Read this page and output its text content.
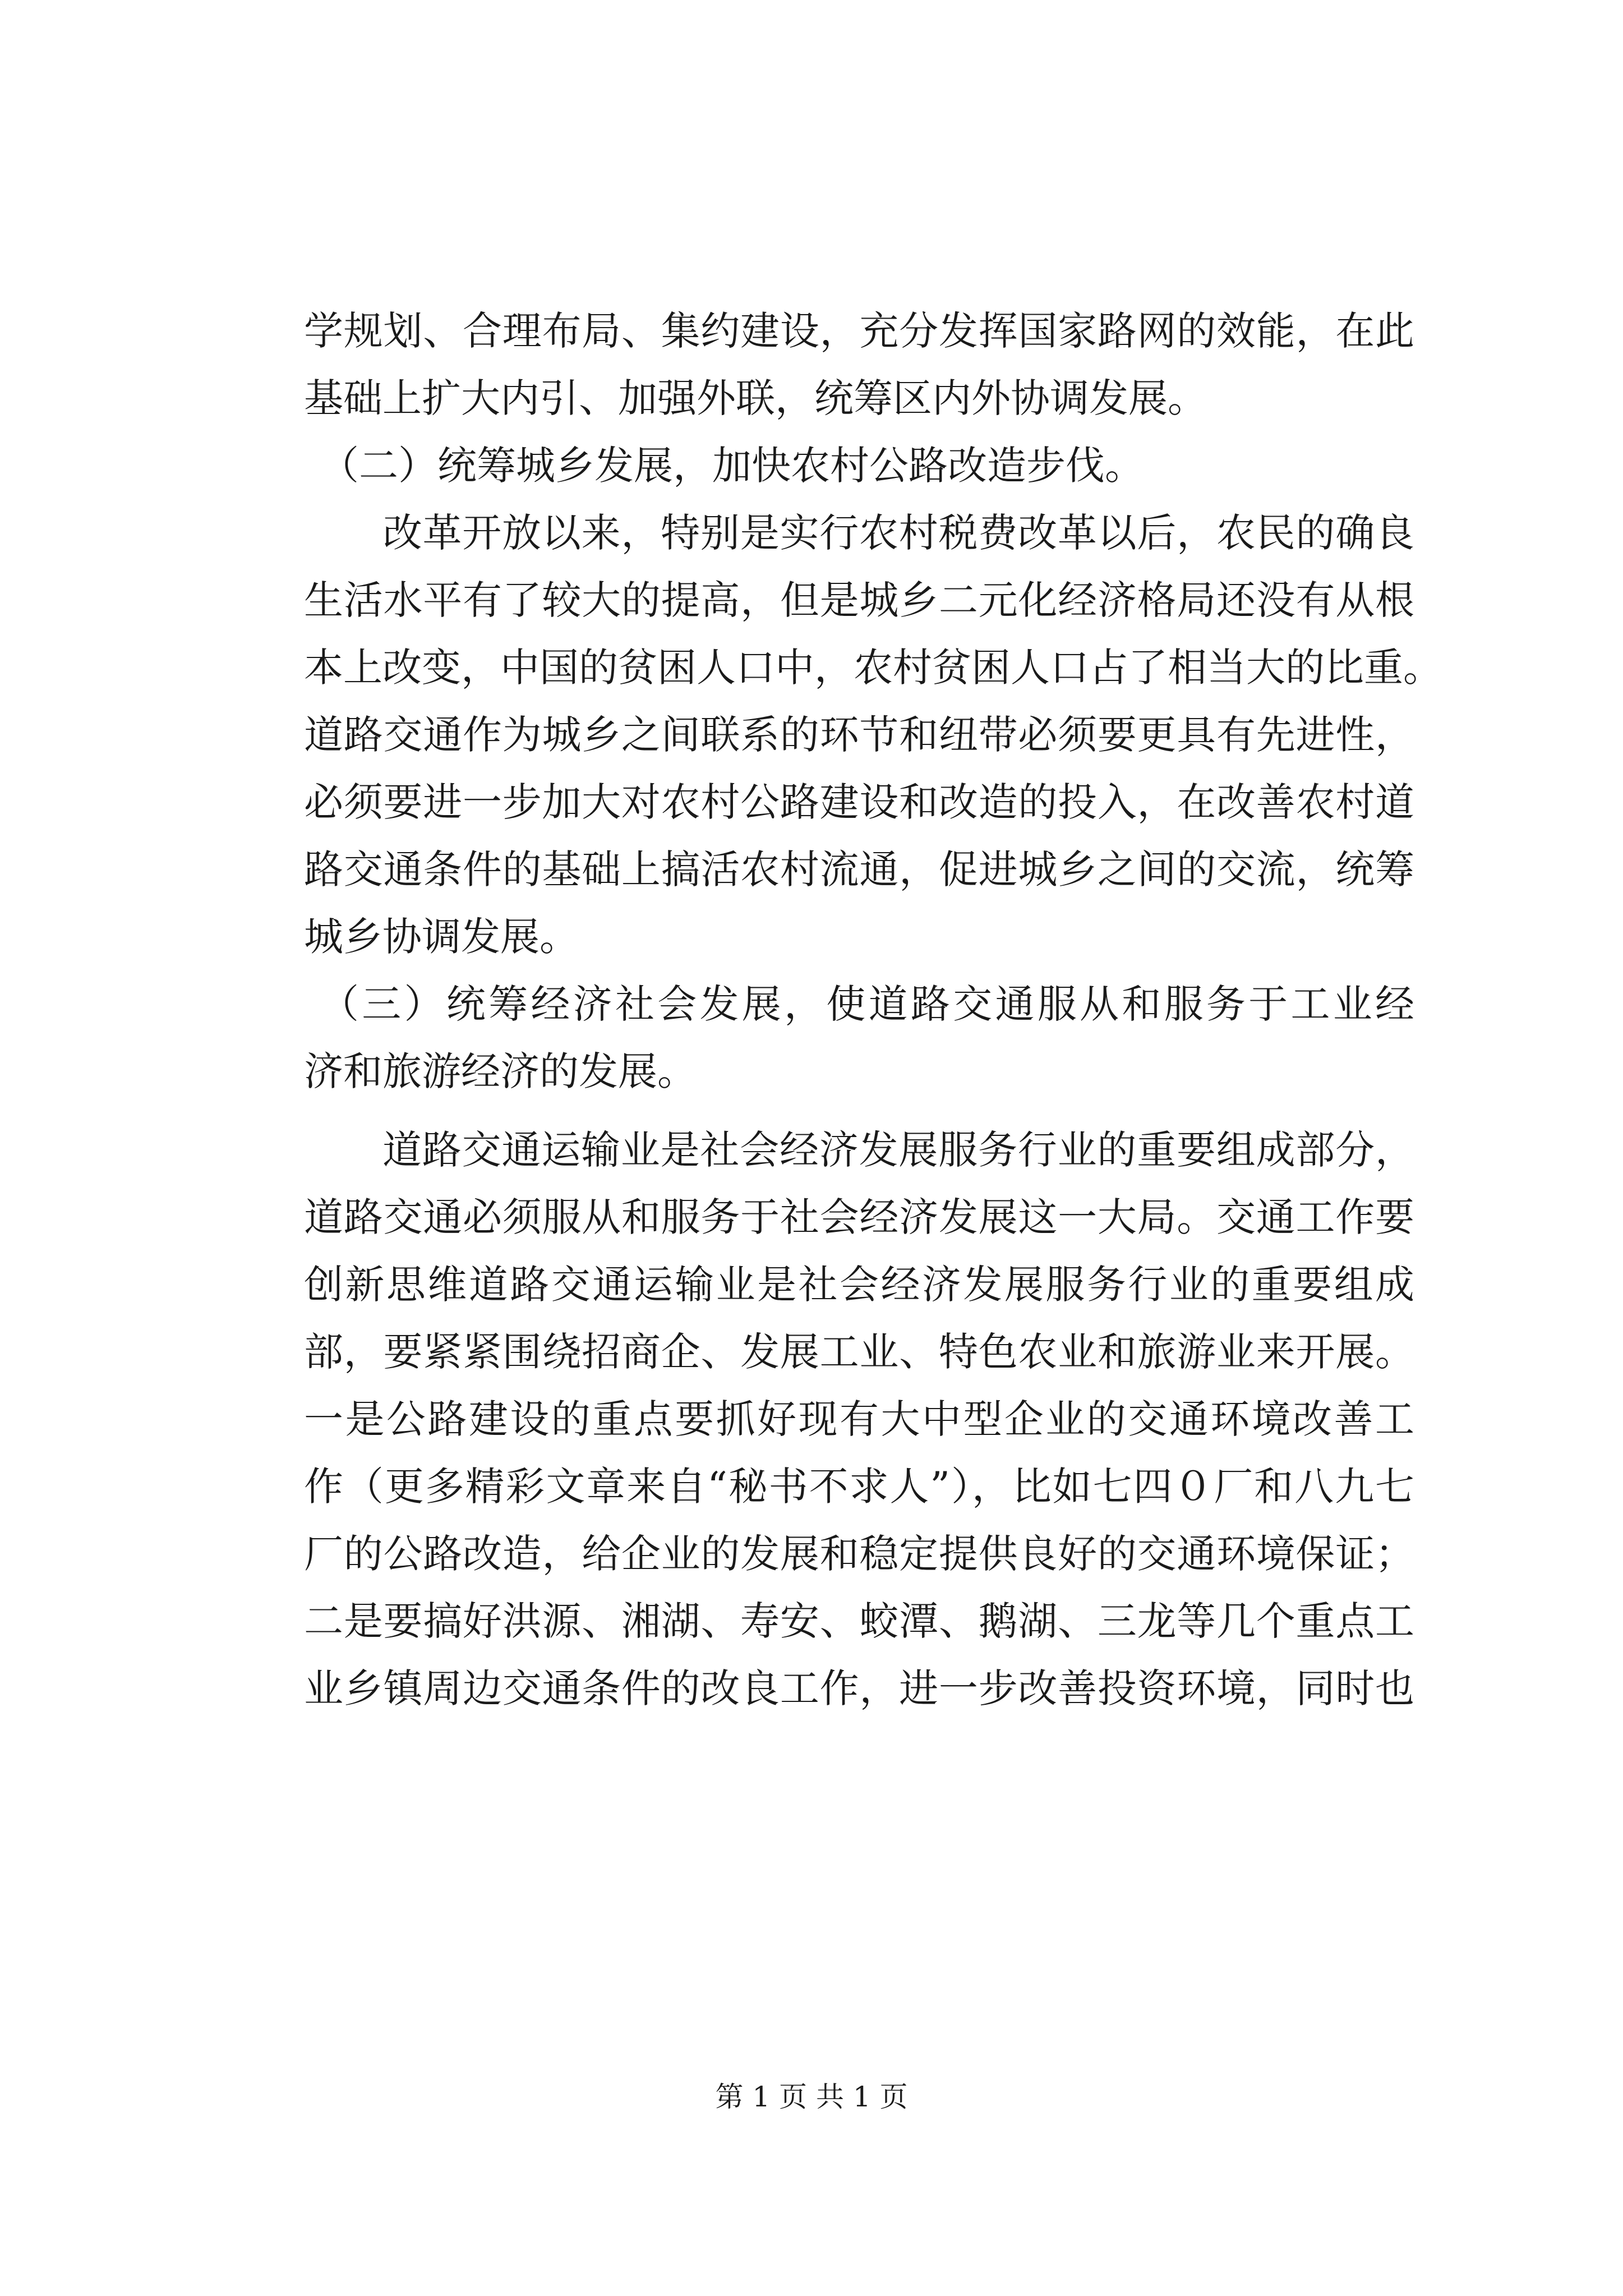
学规划、合理布局、集约建设，充分发挥国家路网的效能，在此
基础上扩大内引、加强外联，统筹区内外协调发展。
（二）统筹城乡发展，加快农村公路改造步伐。
改革开放以来，特别是实行农村税费改革以后，农民的确良
生活水平有了较大的提高，但是城乡二元化经济格局还没有从根
本上改变，中国的贫困人口中，农村贫困人口占了相当大的比重。
道路交通作为城乡之间联系的环节和纽带必须要更具有先进性，
必须要进一步加大对农村公路建设和改造的投入，在改善农村道
路交通条件的基础上搞活农村流通，促进城乡之间的交流，统筹
城乡协调发展。
（三）统筹经济社会发展，使道路交通服从和服务于工业经
济和旅游经济的发展。
道路交通运输业是社会经济发展服务行业的重要组成部分，
道路交通必须服从和服务于社会经济发展这一大局。交通工作要
创新思维道路交通运输业是社会经济发展服务行业的重要组成
部，要紧紧围绕招商企、发展工业、特色农业和旅游业来开展。
一是公路建设的重点要抓好现有大中型企业的交通环境改善工
作（更多精彩文章来自“秘书不求人”），比如七四０厂和八九七
厂的公路改造，给企业的发展和稳定提供良好的交通环境保证；
二是要搞好洪源、湘湖、寿安、蛟潭、鹅湖、三龙等几个重点工
业乡镇周边交通条件的改良工作，进一步改善投资环境，同时也
第 1 页 共 1 页
